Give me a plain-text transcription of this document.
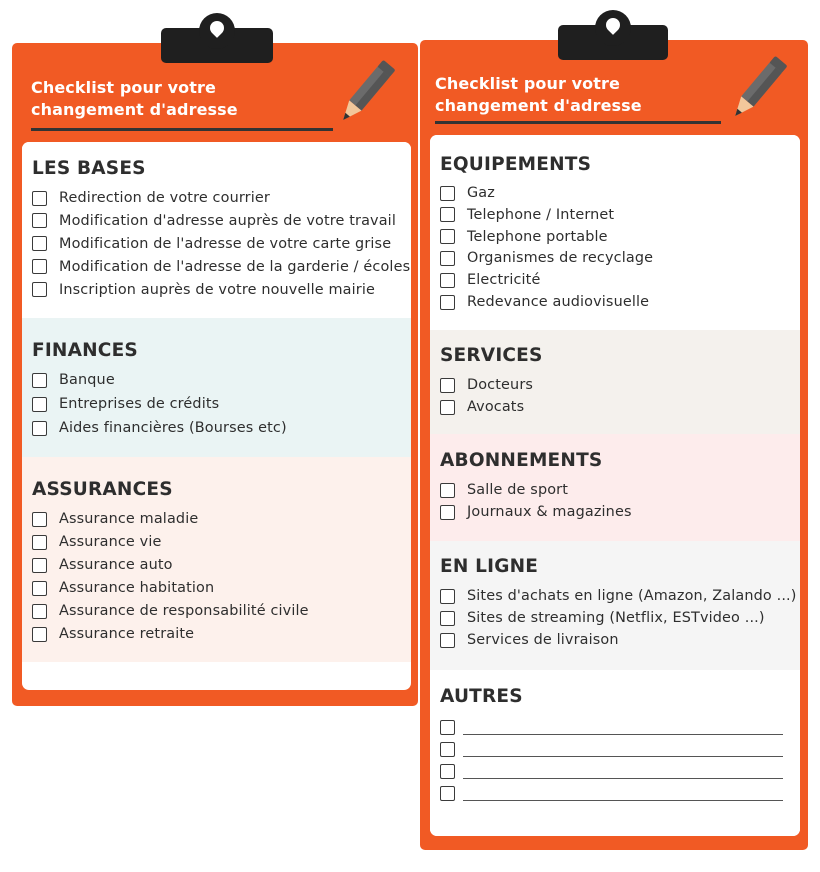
Checklist pour votre
changement d'adresse
LES BASES
Redirection de votre courrier
Modification d'adresse auprès de votre travail
Modification de l'adresse de votre carte grise
Modification de l'adresse de la garderie / écoles
Inscription auprès de votre nouvelle mairie
FINANCES
Banque
Entreprises de crédits
Aides financières (Bourses etc)
ASSURANCES
Assurance maladie
Assurance vie
Assurance auto
Assurance habitation
Assurance de responsabilité civile
Assurance retraite
Checklist pour votre
changement d'adresse
EQUIPEMENTS
Gaz
Telephone / Internet
Telephone portable
Organismes de recyclage
Electricité
Redevance audiovisuelle
SERVICES
Docteurs
Avocats
ABONNEMENTS
Salle de sport
Journaux & magazines
EN LIGNE
Sites d'achats en ligne (Amazon, Zalando ...)
Sites de streaming (Netflix, ESTvideo ...)
Services de livraison
AUTRES
